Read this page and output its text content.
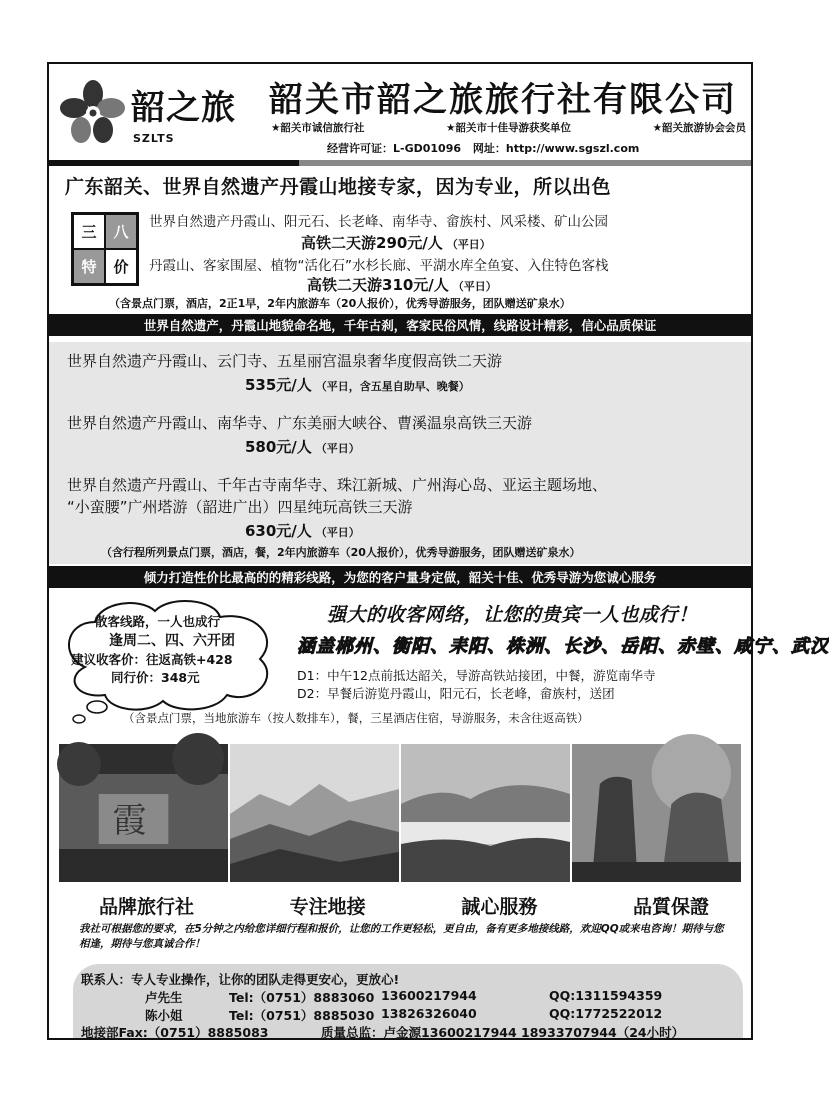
韶之旅
SZLTS
韶关市韶之旅旅行社有限公司
★韶关市诚信旅行社	★韶关市十佳导游获奖单位	★韶关旅游协会会员
经营许可证：L-GD01096 网址：http://www.sgszl.com
广东韶关、世界自然遗产丹霞山地接专家，因为专业，所以出色
三	八
特	价
世界自然遗产丹霞山、阳元石、长老峰、南华寺、畲族村、风采楼、矿山公园
高铁二天游290元/人 （平日）
丹霞山、客家围屋、植物“活化石”水杉长廊、平湖水库全鱼宴、入住特色客栈
高铁二天游310元/人 （平日）
（含景点门票，酒店，2正1早，2年内旅游车（20人报价），优秀导游服务，团队赠送矿泉水）
世界自然遗产，丹霞山地貌命名地，千年古刹，客家民俗风情，线路设计精彩，信心品质保证
世界自然遗产丹霞山、云门寺、五星丽宫温泉奢华度假高铁二天游
535元/人 （平日，含五星自助早、晚餐）
世界自然遗产丹霞山、南华寺、广东美丽大峡谷、曹溪温泉高铁三天游
580元/人 （平日）
世界自然遗产丹霞山、千年古寺南华寺、珠江新城、广州海心岛、亚运主题场地、
“小蛮腰”广州塔游（韶进广出）四星纯玩高铁三天游
630元/人 （平日）
（含行程所列景点门票，酒店，餐，2年内旅游车（20人报价），优秀导游服务，团队赠送矿泉水）
倾力打造性价比最高的的精彩线路，为您的客户量身定做，韶关十佳、优秀导游为您诚心服务
散客线路，一人也成行
逢周二、四、六开团
建议收客价：往返高铁+428
同行价：348元
强大的收客网络，让您的贵宾一人也成行！
涵盖郴州、衡阳、耒阳、株洲、长沙、岳阳、赤壁、咸宁、武汉
D1：中午12点前抵达韶关，导游高铁站接团，中餐，游览南华寺
D2：早餐后游览丹霞山，阳元石，长老峰，畲族村，送团
（含景点门票，当地旅游车（按人数排车），餐，三星酒店住宿，导游服务，未含往返高铁）
霞
品牌旅行社	专注地接	誠心服務	品質保證
我社可根据您的要求，在5分钟之内给您详细行程和报价，让您的工作更轻松，更自由，备有更多地接线路，欢迎QQ或来电咨询！期待与您相逢，期待与您真诚合作！
联系人：专人专业操作，让你的团队走得更安心，更放心!
卢先生	Tel:（0751）8883060 13600217944	QQ:1311594359
陈小姐	Tel:（0751）8885030 13826326040	QQ:1772522012
地接部Fax:（0751）8885083	质量总监：卢金源13600217944 18933707944（24小时）
